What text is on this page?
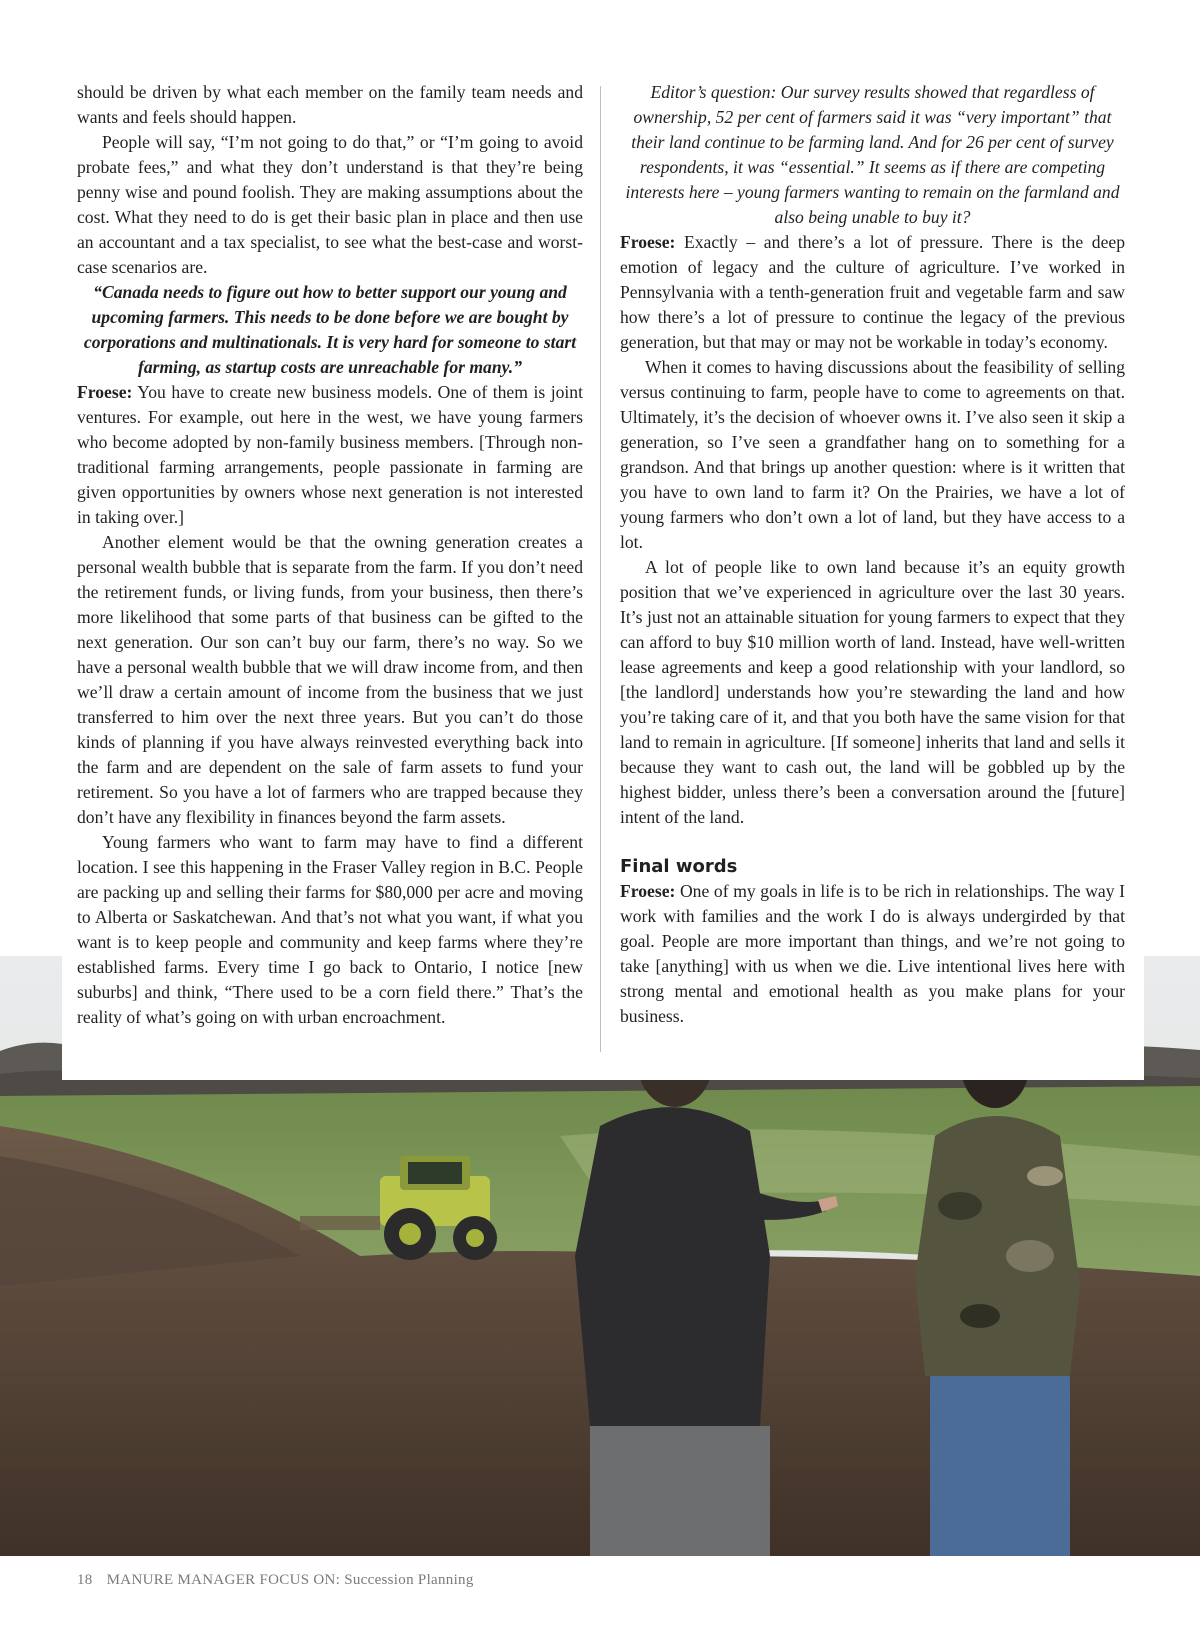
should be driven by what each member on the family team needs and wants and feels should happen.

People will say, “I’m not going to do that,” or “I’m going to avoid probate fees,” and what they don’t understand is that they’re being penny wise and pound foolish. They are making assumptions about the cost. What they need to do is get their basic plan in place and then use an accountant and a tax specialist, to see what the best-case and worst-case scenarios are.

“Canada needs to figure out how to better support our young and upcoming farmers. This needs to be done before we are bought by corporations and multinationals. It is very hard for someone to start farming, as startup costs are unreachable for many.”

Froese: You have to create new business models. One of them is joint ventures. For example, out here in the west, we have young farmers who become adopted by non-family business members. [Through non-traditional farming arrangements, people passionate in farming are given opportunities by owners whose next generation is not interested in taking over.]

Another element would be that the owning generation creates a personal wealth bubble that is separate from the farm. If you don’t need the retirement funds, or living funds, from your business, then there’s more likelihood that some parts of that business can be gifted to the next generation. Our son can’t buy our farm, there’s no way. So we have a personal wealth bubble that we will draw income from, and then we’ll draw a certain amount of income from the business that we just transferred to him over the next three years. But you can’t do those kinds of planning if you have always reinvested everything back into the farm and are dependent on the sale of farm assets to fund your retirement. So you have a lot of farmers who are trapped because they don’t have any flexibility in finances beyond the farm assets.

Young farmers who want to farm may have to find a different location. I see this happening in the Fraser Valley region in B.C. People are packing up and selling their farms for $80,000 per acre and moving to Alberta or Saskatchewan. And that’s not what you want, if what you want is to keep people and community and keep farms where they’re established farms. Every time I go back to Ontario, I notice [new suburbs] and think, “There used to be a corn field there.” That’s the reality of what’s going on with urban encroachment.

Editor’s question: Our survey results showed that regardless of ownership, 52 per cent of farmers said it was “very important” that their land continue to be farming land. And for 26 per cent of survey respondents, it was “essential.” It seems as if there are competing interests here – young farmers wanting to remain on the farmland and also being unable to buy it?

Froese: Exactly – and there’s a lot of pressure. There is the deep emotion of legacy and the culture of agriculture. I’ve worked in Pennsylvania with a tenth-generation fruit and vegetable farm and saw how there’s a lot of pressure to continue the legacy of the previous generation, but that may or may not be workable in today’s economy.

When it comes to having discussions about the feasibility of selling versus continuing to farm, people have to come to agreements on that. Ultimately, it’s the decision of whoever owns it. I’ve also seen it skip a generation, so I’ve seen a grandfather hang on to something for a grandson. And that brings up another question: where is it written that you have to own land to farm it? On the Prairies, we have a lot of young farmers who don’t own a lot of land, but they have access to a lot.

A lot of people like to own land because it’s an equity growth position that we’ve experienced in agriculture over the last 30 years. It’s just not an attainable situation for young farmers to expect that they can afford to buy $10 million worth of land. Instead, have well-written lease agreements and keep a good relationship with your landlord, so [the landlord] understands how you’re stewarding the land and how you’re taking care of it, and that you both have the same vision for that land to remain in agriculture. [If someone] inherits that land and sells it because they want to cash out, the land will be gobbled up by the highest bidder, unless there’s been a conversation around the [future] intent of the land.

Final words

Froese: One of my goals in life is to be rich in relationships. The way I work with families and the work I do is always undergirded by that goal. People are more important than things, and we’re not going to take [anything] with us when we die. Live intentional lives here with strong mental and emotional health as you make plans for your business.

18 MANURE MANAGER FOCUS ON: Succession Planning
